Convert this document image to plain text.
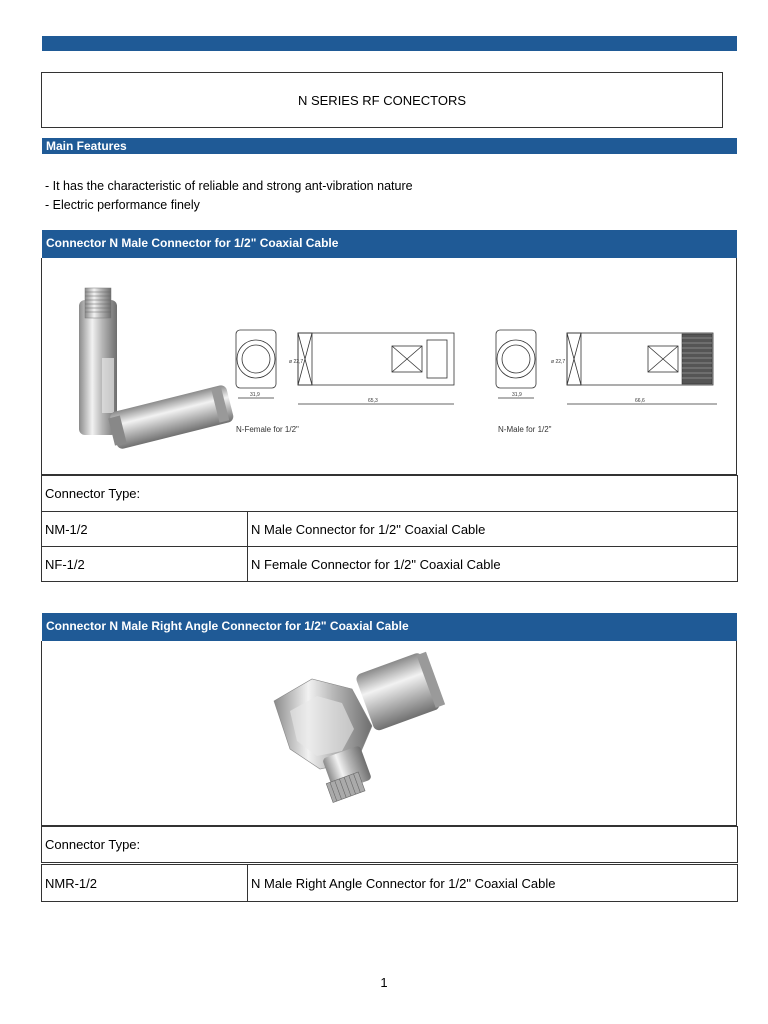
N SERIES RF CONECTORS
Main Features
- It has the characteristic of reliable and strong ant-vibration nature
- Electric performance finely
Connector N Male Connector for 1/2" Coaxial Cable
31,9
65,3
ø 22,7
N-Female for 1/2"
31,9
66,6
ø 22,7
N-Male for 1/2"
Connector Type:
NM-1/2	N Male Connector for 1/2" Coaxial Cable
NF-1/2	N Female Connector for 1/2" Coaxial Cable
Connector N Male Right Angle Connector for 1/2" Coaxial Cable
Connector Type:
NMR-1/2	N Male Right Angle Connector for 1/2" Coaxial Cable
1
